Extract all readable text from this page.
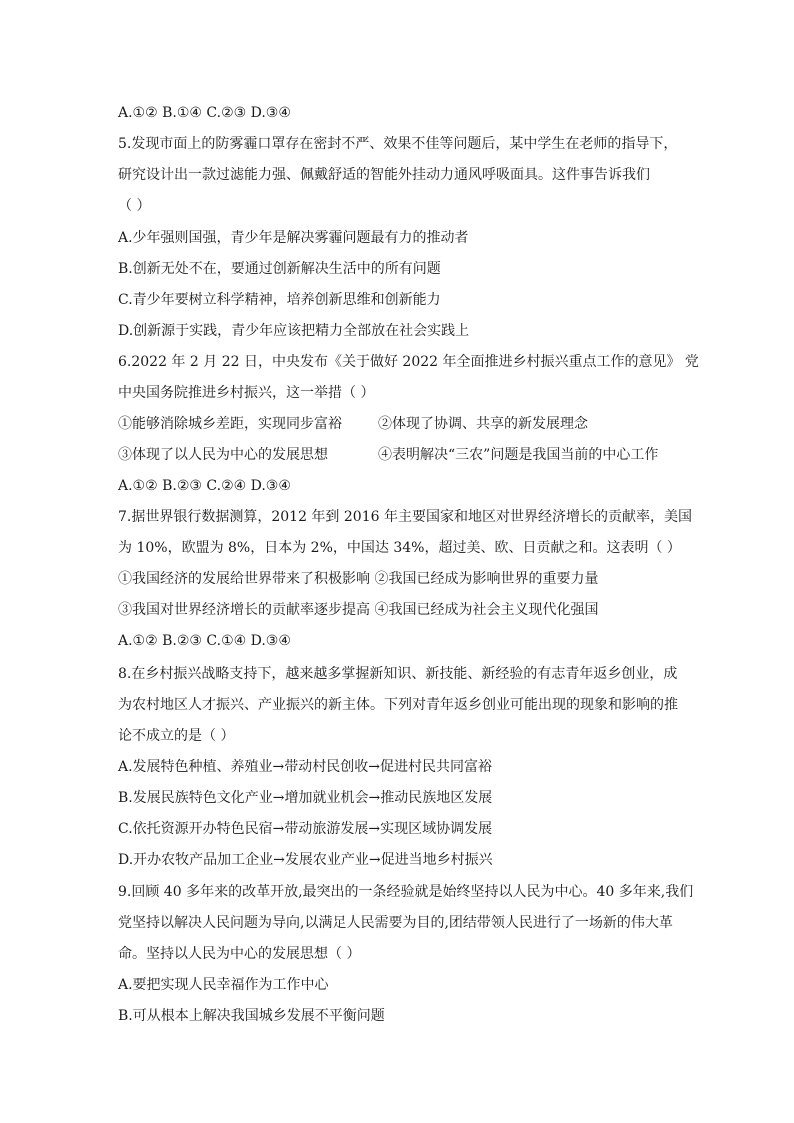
A.①② B.①④ C.②③ D.③④
5.发现市面上的防雾霾口罩存在密封不严、效果不佳等问题后，某中学生在老师的指导下，
研究设计出一款过滤能力强、佩戴舒适的智能外挂动力通风呼吸面具。这件事告诉我们
（ ）
A.少年强则国强，青少年是解决雾霾问题最有力的推动者
B.创新无处不在，要通过创新解决生活中的所有问题
C.青少年要树立科学精神，培养创新思维和创新能力
D.创新源于实践，青少年应该把精力全部放在社会实践上
6.2022 年 2 月 22 日，中央发布《关于做好 2022 年全面推进乡村振兴重点工作的意见》 党
中央国务院推进乡村振兴，这一举措（ ）
①能够消除城乡差距，实现同步富裕	②体现了协调、共享的新发展理念
③体现了以人民为中心的发展思想	④表明解决“三农”问题是我国当前的中心工作
A.①② B.②③ C.②④ D.③④
7.据世界银行数据测算，2012 年到 2016 年主要国家和地区对世界经济增长的贡献率，美国
为 10%，欧盟为 8%，日本为 2%，中国达 34%，超过美、欧、日贡献之和。这表明（ ）
①我国经济的发展给世界带来了积极影响 ②我国已经成为影响世界的重要力量
③我国对世界经济增长的贡献率逐步提高 ④我国已经成为社会主义现代化强国
A.①② B.②③ C.①④ D.③④
8.在乡村振兴战略支持下，越来越多掌握新知识、新技能、新经验的有志青年返乡创业，成
为农村地区人才振兴、产业振兴的新主体。下列对青年返乡创业可能出现的现象和影响的推
论不成立的是（ ）
A.发展特色种植、养殖业→带动村民创收→促进村民共同富裕
B.发展民族特色文化产业→增加就业机会→推动民族地区发展
C.依托资源开办特色民宿→带动旅游发展→实现区域协调发展
D.开办农牧产品加工企业→发展农业产业→促进当地乡村振兴
9.回顾 40 多年来的改革开放,最突出的一条经验就是始终坚持以人民为中心。40 多年来,我们
党坚持以解决人民问题为导向,以满足人民需要为目的,团结带领人民进行了一场新的伟大革
命。坚持以人民为中心的发展思想（ ）
A.要把实现人民幸福作为工作中心
B.可从根本上解决我国城乡发展不平衡问题
